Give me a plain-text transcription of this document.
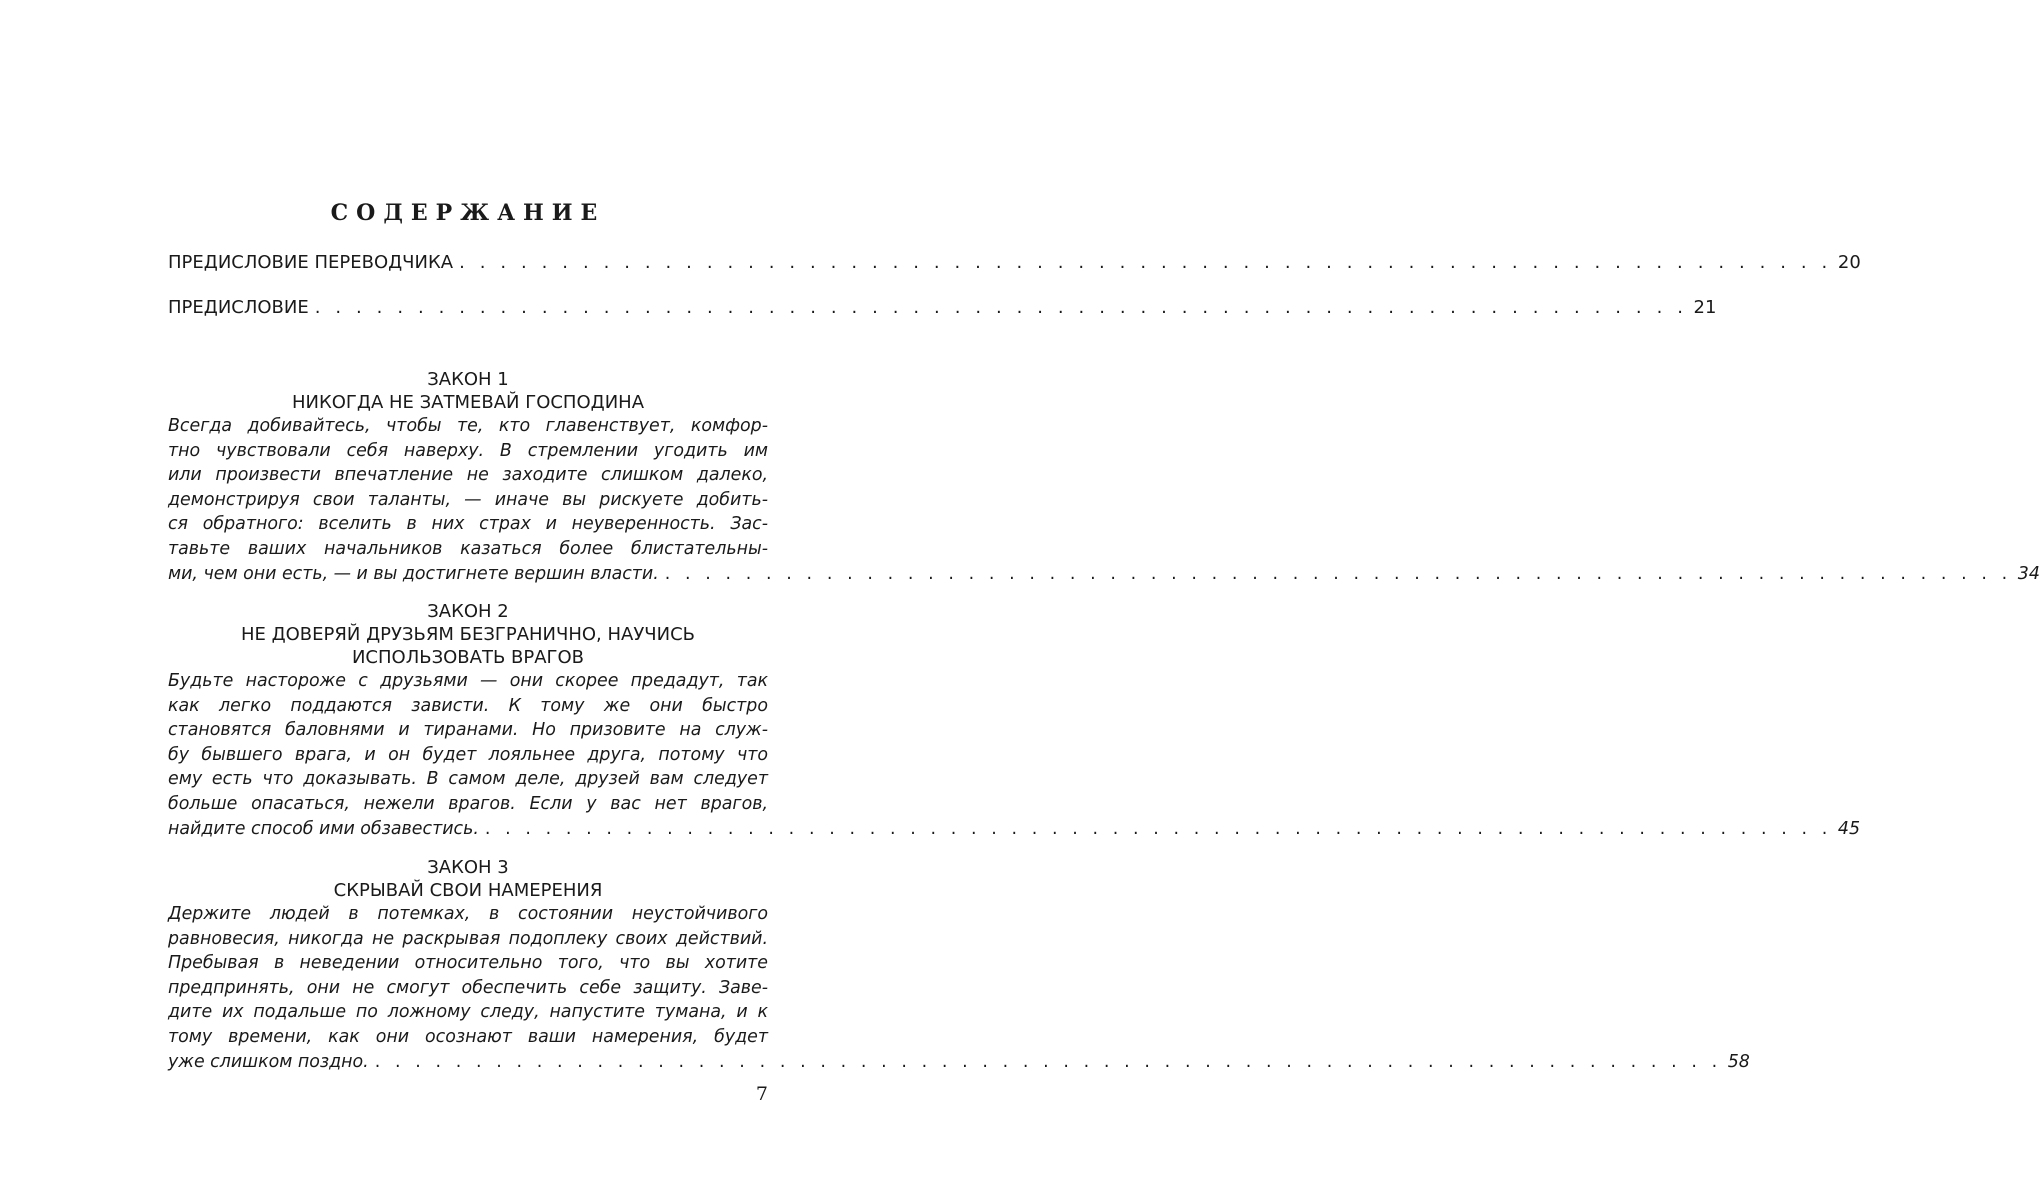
СОДЕРЖАНИЕ
ПРЕДИСЛОВИЕ ПЕРЕВОДЧИКА . . . . . . . . . . . . . . . . . . . . . . . . . . . . . . . . . . . . . . . . . . . . . . . . . . . . . . . . . . . . . . . . . . . 20
ПРЕДИСЛОВИЕ . . . . . . . . . . . . . . . . . . . . . . . . . . . . . . . . . . . . . . . . . . . . . . . . . . . . . . . . . . . . . . . . . . . 21

ЗАКОН 1

НИКОГДА НЕ ЗАТМЕВАЙ ГОСПОДИНА

Всегда добивайтесь, чтобы те, кто главенствует, комфор-
тно чувствовали себя наверху. В стремлении угодить им
или произвести впечатление не заходите слишком далеко,
демонстрируя свои таланты, — иначе вы рискуете добить-
ся обратного: вселить в них страх и неуверенность. Зас-
тавьте ваших начальников казаться более блистательны-
ми, чем они есть, — и вы достигнете вершин власти. . . . . . . . . . . . . . . . . . . . . . . . . . . . . . . . . . . . . . . . . . . . . . . . . . . . . . . . . . . . . . . . . . . . 34

ЗАКОН 2

НЕ ДОВЕРЯЙ ДРУЗЬЯМ БЕЗГРАНИЧНО, НАУЧИСЬ

ИСПОЛЬЗОВАТЬ ВРАГОВ

Будьте настороже с друзьями — они скорее предадут, так
как легко поддаются зависти. К тому же они быстро
становятся баловнями и тиранами. Но призовите на служ-
бу бывшего врага, и он будет лояльнее друга, потому что
ему есть что доказывать. В самом деле, друзей вам следует
больше опасаться, нежели врагов. Если у вас нет врагов,
найдите способ ими обзавестись. . . . . . . . . . . . . . . . . . . . . . . . . . . . . . . . . . . . . . . . . . . . . . . . . . . . . . . . . . . . . . . . . . . . 45

ЗАКОН 3

СКРЫВАЙ СВОИ НАМЕРЕНИЯ

Держите людей в потемках, в состоянии неустойчивого
равновесия, никогда не раскрывая подоплеку своих действий.
Пребывая в неведении относительно того, что вы хотите
предпринять, они не смогут обеспечить себе защиту. Заве-
дите их подальше по ложному следу, напустите тумана, и к
тому времени, как они осознают ваши намерения, будет
уже слишком поздно. . . . . . . . . . . . . . . . . . . . . . . . . . . . . . . . . . . . . . . . . . . . . . . . . . . . . . . . . . . . . . . . . . . . 58
7
